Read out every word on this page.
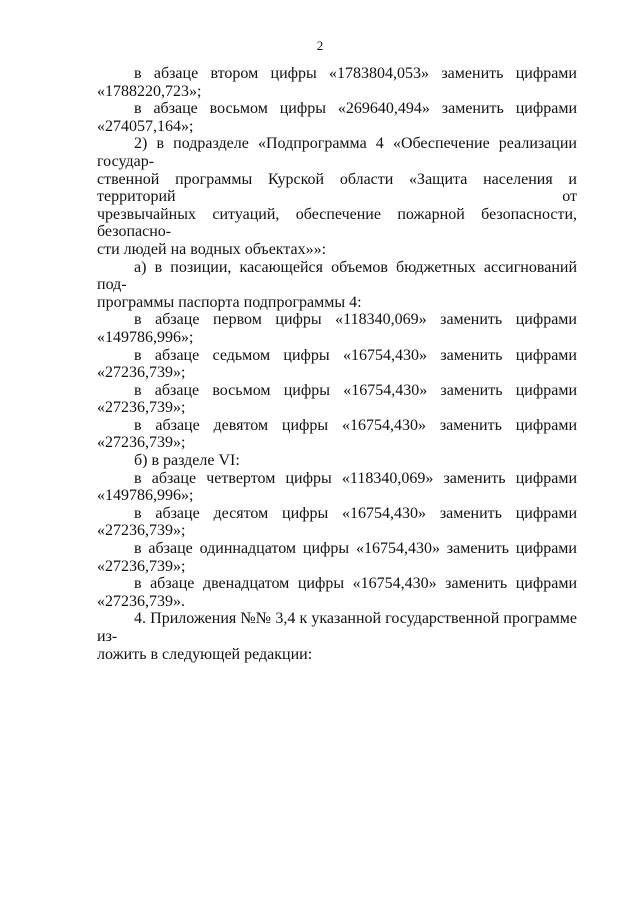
2

в абзаце втором цифры «1783804,053» заменить цифрами

«1788220,723»;

в абзаце восьмом цифры «269640,494» заменить цифрами

«274057,164»;

2) в подразделе «Подпрограмма 4 «Обеспечение реализации государ-

ственной программы Курской области «Защита населения и территорий от

чрезвычайных ситуаций, обеспечение пожарной безопасности, безопасно-

сти людей на водных объектах»»:

а) в позиции, касающейся объемов бюджетных ассигнований под-

программы паспорта подпрограммы 4:

в абзаце первом цифры «118340,069» заменить цифрами

«149786,996»;

в абзаце седьмом цифры «16754,430» заменить цифрами

«27236,739»;

в абзаце восьмом цифры «16754,430» заменить цифрами

«27236,739»;

в абзаце девятом цифры «16754,430» заменить цифрами «27236,739»;

б) в разделе VI:

в абзаце четвертом цифры «118340,069» заменить цифрами

«149786,996»;

в абзаце десятом цифры «16754,430» заменить цифрами «27236,739»;

в абзаце одиннадцатом цифры «16754,430» заменить цифрами

«27236,739»;

в абзаце двенадцатом цифры «16754,430» заменить цифрами

«27236,739».

4. Приложения №№ 3,4 к указанной государственной программе из-

ложить в следующей редакции:
